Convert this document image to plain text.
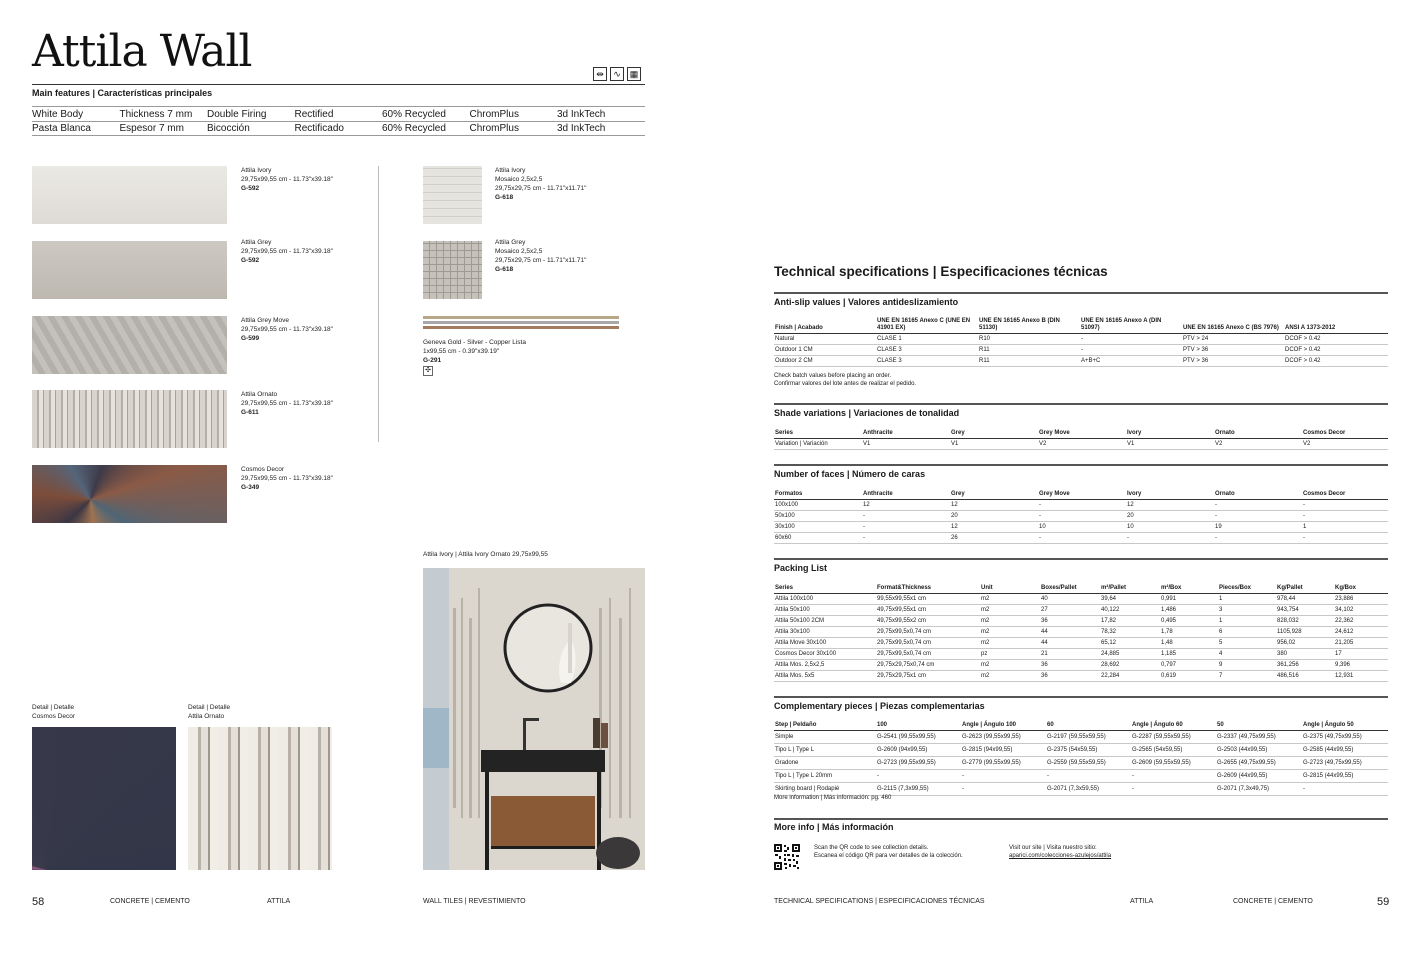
Attila Wall	⇹	∿ ▦
Main features | Características principales
White Body	Thickness 7 mm	Double Firing	Rectified	60% Recycled	ChromPlus	3d InkTech
Pasta Blanca	Espesor 7 mm	Bicocción	Rectificado	60% Recycled	ChromPlus	3d InkTech
Attila Ivory
29,75x99,55 cm - 11.73"x39.18"
G-592
Attila Grey
29,75x99,55 cm - 11.73"x39.18"
G-592
Attila Grey Move
29,75x99,55 cm - 11.73"x39.18"
G-599
Attila Ornato
29,75x99,55 cm - 11.73"x39.18"
G-611
Cosmos Decor
29,75x99,55 cm - 11.73"x39.18"
G-349
Attila Ivory
Mosaico 2,5x2,5
29,75x29,75 cm - 11.71"x11.71"
G-618
Attila Grey
Mosaico 2,5x2,5
29,75x29,75 cm - 11.71"x11.71"
G-618
Geneva Gold - Silver - Copper Lista
1x99,55 cm - 0.39"x39.19"
G-291
✣
Attila Ivory | Attila Ivory Ornato 29,75x99,55
Detail | Detalle
Cosmos Decor
Detail | Detalle
Attila Ornato
58	CONCRETE | CEMENTO	ATTILA	WALL TILES | REVESTIMIENTO
Technical specifications | Especificaciones técnicas
Anti-slip values | Valores antideslizamiento
Finish | Acabado	UNE EN 16165 Anexo C (UNE EN 41901 EX)	UNE EN 16165 Anexo B (DIN 51130)	UNE EN 16165 Anexo A (DIN 51097)	UNE EN 16165 Anexo C (BS 7976)	ANSI A 1373-2012
Natural	CLASE 1	R10	-	PTV > 24	DCOF > 0.42
Outdoor 1 CM	CLASE 3	R11	-	PTV > 36	DCOF > 0.42
Outdoor 2 CM	CLASE 3	R11	A+B+C	PTV > 36	DCOF > 0.42
Check batch values before placing an order.
Confirmar valores del lote antes de realizar el pedido.
Shade variations | Variaciones de tonalidad
Series	Anthracite	Grey	Grey Move	Ivory	Ornato	Cosmos Decor
Variation | Variación	V1	V1	V2	V1	V2	V2
Number of faces | Número de caras
Formatos	Anthracite	Grey	Grey Move	Ivory	Ornato	Cosmos Decor
100x100	12	12	-	12	-	-
50x100	-	20	-	20	-	-
30x100	-	12	10	10	19	1
60x60	-	26	-	-	-	-
Packing List
Series	Format&Thickness	Unit	Boxes/Pallet	m²/Pallet	m²/Box	Pieces/Box	Kg/Pallet	Kg/Box
Attila 100x100	99,55x99,55x1 cm	m2	40	39,64	0,991	1	978,44	23,886
Attila 50x100	49,75x99,55x1 cm	m2	27	40,122	1,486	3	943,754	34,102
Attila 50x100 2CM	49,75x99,55x2 cm	m2	36	17,82	0,495	1	828,032	22,362
Attila 30x100	29,75x99,5x0,74 cm	m2	44	78,32	1,78	6	1105,928	24,612
Attila Move 30x100	29,75x99,5x0,74 cm	m2	44	65,12	1,48	5	956,02	21,205
Cosmos Decor 30x100	29,75x99,5x0,74 cm	pz	21	24,885	1,185	4	380	17
Attila Mos. 2,5x2,5	29,75x29,75x0,74 cm	m2	36	28,692	0,797	9	361,256	9,396
Attila Mos. 5x5	29,75x29,75x1 cm	m2	36	22,284	0,619	7	486,516	12,931
Complementary pieces | Piezas complementarias
Step | Peldaño	100	Angle | Ángulo 100	60	Angle | Ángulo 60	50	Angle | Ángulo 50
Simple	G-2541 (99,55x99,55)	G-2623 (99,55x99,55)	G-2197 (59,55x59,55)	G-2287 (59,55x59,55)	G-2337 (49,75x99,55)	G-2375 (49,75x99,55)
Tipo L | Type L	G-2609 (94x99,55)	G-2815 (94x99,55)	G-2375 (54x59,55)	G-2565 (54x59,55)	G-2503 (44x99,55)	G-2585 (44x99,55)
Gradone	G-2723 (99,55x99,55)	G-2779 (99,55x99,55)	G-2559 (59,55x59,55)	G-2609 (59,55x59,55)	G-2655 (49,75x99,55)	G-2723 (49,75x99,55)
Tipo L | Type L 20mm	-	-	-	-	G-2609 (44x99,55)	G-2815 (44x99,55)
Skirting board | Rodapié	G-2115 (7,3x99,55)	-	G-2071 (7,3x59,55)	-	G-2071 (7,3x49,75)	-
More information | Más información: pg. 460
More info | Más información
Scan the QR code to see collection details.
Escanea el código QR para ver detalles de la colección.
Visit our site | Visita nuestro sitio:
aparici.com/colecciones-azulejos/attila
TECHNICAL SPECIFICATIONS | ESPECIFICACIONES TÉCNICAS	ATTILA	CONCRETE | CEMENTO	59
